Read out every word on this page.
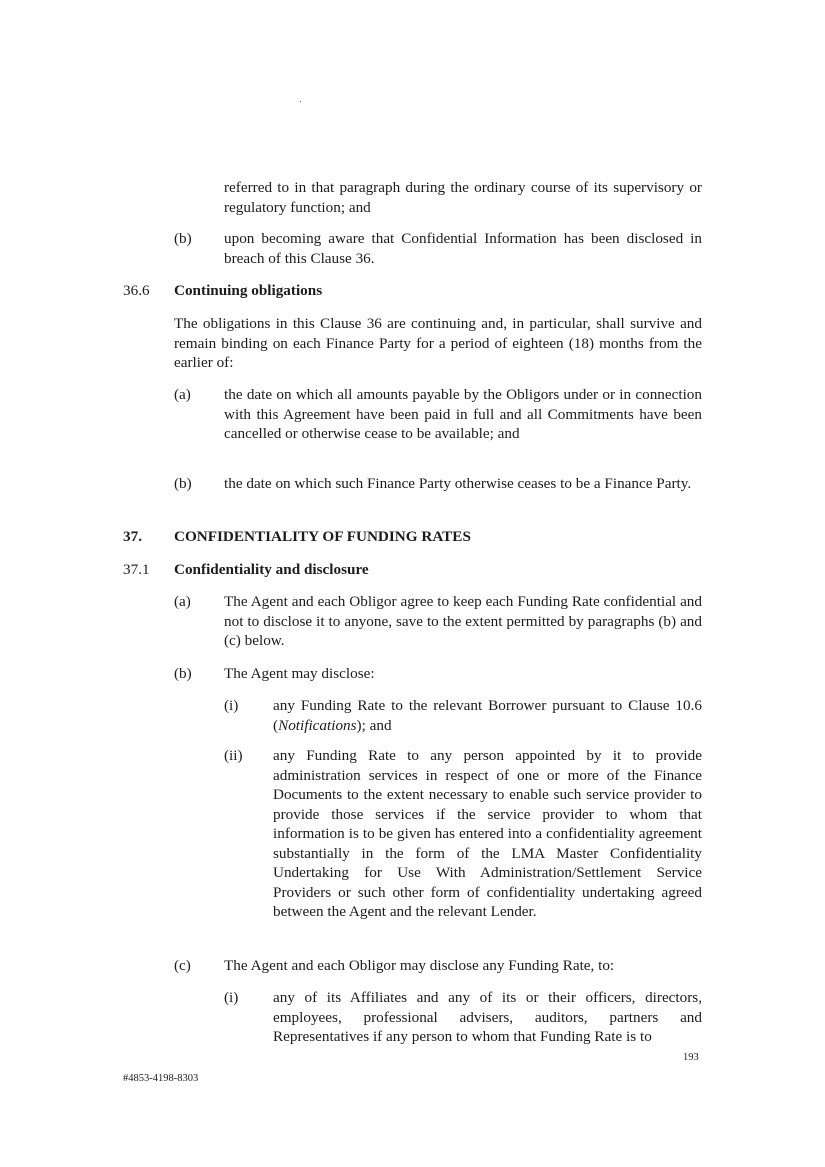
referred to in that paragraph during the ordinary course of its supervisory or regulatory function; and
(b) upon becoming aware that Confidential Information has been disclosed in breach of this Clause 36.
36.6 Continuing obligations
The obligations in this Clause 36 are continuing and, in particular, shall survive and remain binding on each Finance Party for a period of eighteen (18) months from the earlier of:
(a) the date on which all amounts payable by the Obligors under or in connection with this Agreement have been paid in full and all Commitments have been cancelled or otherwise cease to be available; and
(b) the date on which such Finance Party otherwise ceases to be a Finance Party.
37. CONFIDENTIALITY OF FUNDING RATES
37.1 Confidentiality and disclosure
(a) The Agent and each Obligor agree to keep each Funding Rate confidential and not to disclose it to anyone, save to the extent permitted by paragraphs (b) and (c) below.
(b) The Agent may disclose:
(i) any Funding Rate to the relevant Borrower pursuant to Clause 10.6 (Notifications); and
(ii) any Funding Rate to any person appointed by it to provide administration services in respect of one or more of the Finance Documents to the extent necessary to enable such service provider to provide those services if the service provider to whom that information is to be given has entered into a confidentiality agreement substantially in the form of the LMA Master Confidentiality Undertaking for Use With Administration/Settlement Service Providers or such other form of confidentiality undertaking agreed between the Agent and the relevant Lender.
(c) The Agent and each Obligor may disclose any Funding Rate, to:
(i) any of its Affiliates and any of its or their officers, directors, employees, professional advisers, auditors, partners and Representatives if any person to whom that Funding Rate is to
193
#4853-4198-8303
